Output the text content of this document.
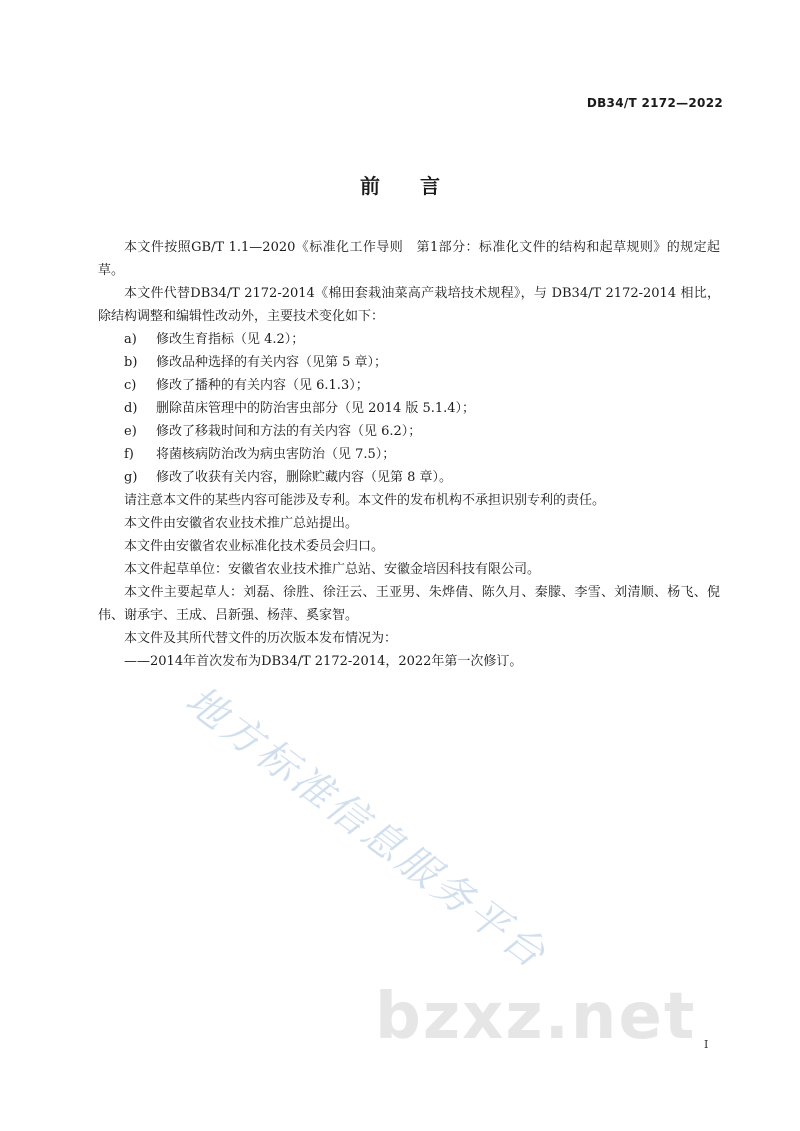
DB34/T 2172—2022
前言

本文件按照GB/T 1.1—2020《标准化工作导则　第1部分：标准化文件的结构和起草规则》的规定起草。

本文件代替DB34/T 2172-2014《棉田套栽油菜高产栽培技术规程》，与 DB34/T 2172-2014 相比，除结构调整和编辑性改动外，主要技术变化如下：

a)	修改生育指标（见 4.2）；

b)	修改品种选择的有关内容（见第 5 章）；

c)	修改了播种的有关内容（见 6.1.3）；

d)	删除苗床管理中的防治害虫部分（见 2014 版 5.1.4）；

e)	修改了移栽时间和方法的有关内容（见 6.2）；

f)	将菌核病防治改为病虫害防治（见 7.5）；

g)	修改了收获有关内容，删除贮藏内容（见第 8 章）。

请注意本文件的某些内容可能涉及专利。本文件的发布机构不承担识别专利的责任。

本文件由安徽省农业技术推广总站提出。

本文件由安徽省农业标准化技术委员会归口。

本文件起草单位：安徽省农业技术推广总站、安徽金培因科技有限公司。

本文件主要起草人：刘磊、徐胜、徐汪云、王亚男、朱烨倩、陈久月、秦朦、李雪、刘清顺、杨飞、倪伟、谢承宇、王成、吕新强、杨萍、奚家智。

本文件及其所代替文件的历次版本发布情况为：

——2014年首次发布为DB34/T 2172-2014，2022年第一次修订。

地方标准信息服务平台
bzxz.net I
